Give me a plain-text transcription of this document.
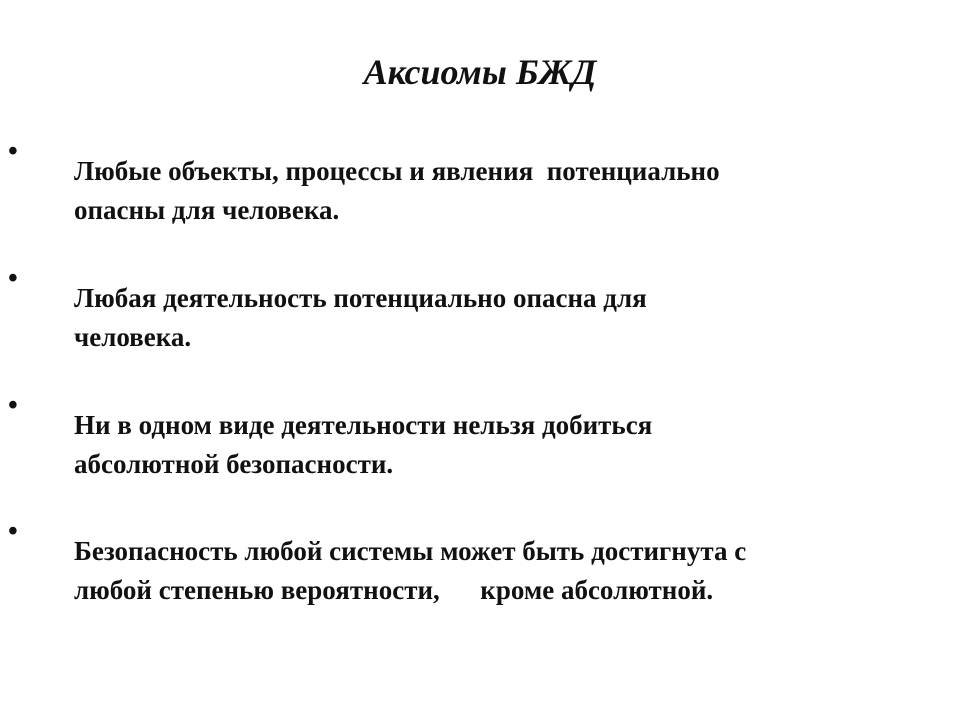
Аксиомы БЖД
•
Любые объекты, процессы и явления  потенциально
опасны для человека.
•
Любая деятельность потенциально опасна для
человека.
•
Ни в одном виде деятельности нельзя добиться
абсолютной безопасности.
•
Безопасность любой системы может быть достигнута с
любой степенью вероятности,      кроме абсолютной.
